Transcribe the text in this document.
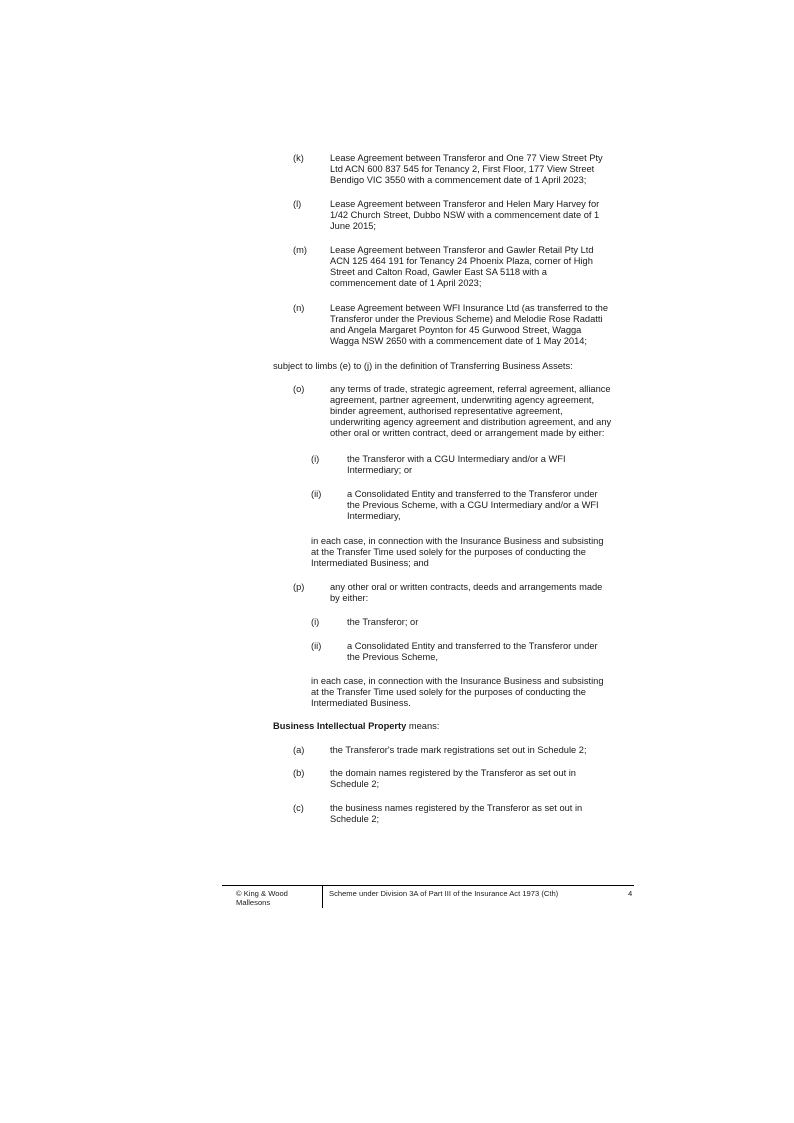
(k)	Lease Agreement between Transferor and One 77 View Street Pty

Ltd ACN 600 837 545 for Tenancy 2, First Floor, 177 View Street

Bendigo VIC 3550 with a commencement date of 1 April 2023;

(l)	Lease Agreement between Transferor and Helen Mary Harvey for

1/42 Church Street, Dubbo NSW with a commencement date of 1

June 2015;

(m) Lease Agreement between Transferor and Gawler Retail Pty Ltd

ACN 125 464 191 for Tenancy 24 Phoenix Plaza, corner of High

Street and Calton Road, Gawler East SA 5118 with a

commencement date of 1 April 2023;

(n)	Lease Agreement between WFI Insurance Ltd (as transferred to the

Transferor under the Previous Scheme) and Melodie Rose Radatti

and Angela Margaret Poynton for 45 Gurwood Street, Wagga

Wagga NSW 2650 with a commencement date of 1 May 2014;

subject to limbs (e) to (j) in the definition of Transferring Business Assets:

(o)	any terms of trade, strategic agreement, referral agreement, alliance

agreement, partner agreement, underwriting agency agreement,

binder agreement, authorised representative agreement,

underwriting agency agreement and distribution agreement, and any

other oral or written contract, deed or arrangement made by either:

(i)	the Transferor with a CGU Intermediary and/or a WFI

Intermediary; or

(ii)	a Consolidated Entity and transferred to the Transferor under

the Previous Scheme, with a CGU Intermediary and/or a WFI

Intermediary,

in each case, in connection with the Insurance Business and subsisting

at the Transfer Time used solely for the purposes of conducting the

Intermediated Business; and

(p)	any other oral or written contracts, deeds and arrangements made

by either:

(i)	the Transferor; or

(ii)	a Consolidated Entity and transferred to the Transferor under

the Previous Scheme,

in each case, in connection with the Insurance Business and subsisting

at the Transfer Time used solely for the purposes of conducting the

Intermediated Business.

Business Intellectual Property means:

(a)	the Transferor's trade mark registrations set out in Schedule 2;

(b)	the domain names registered by the Transferor as set out in

Schedule 2;

(c)	the business names registered by the Transferor as set out in

Schedule 2;

© King & Wood

Mallesons

Scheme under Division 3A of Part III of the Insurance Act 1973 (Cth)	4
